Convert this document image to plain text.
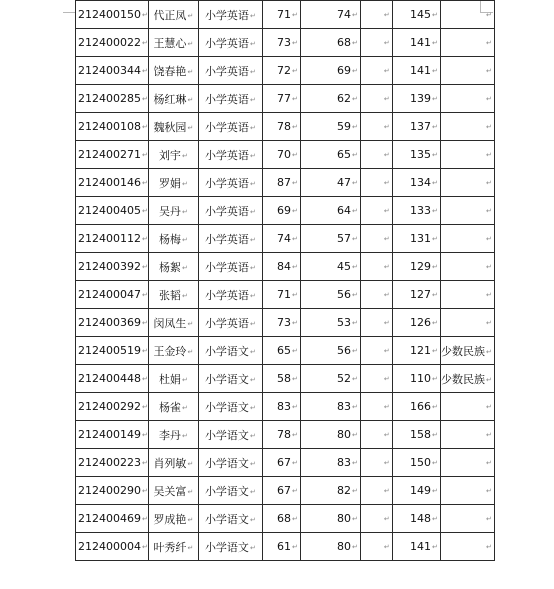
212400150↵	代正凤↵	小学英语↵	71↵	74↵	↵	145↵	↵
212400022↵	王慧心↵	小学英语↵	73↵	68↵	↵	141↵	↵
212400344↵	饶春艳↵	小学英语↵	72↵	69↵	↵	141↵	↵
212400285↵	杨红琳↵	小学英语↵	77↵	62↵	↵	139↵	↵
212400108↵	魏秋园↵	小学英语↵	78↵	59↵	↵	137↵	↵
212400271↵	刘宇↵	小学英语↵	70↵	65↵	↵	135↵	↵
212400146↵	罗娟↵	小学英语↵	87↵	47↵	↵	134↵	↵
212400405↵	吴丹↵	小学英语↵	69↵	64↵	↵	133↵	↵
212400112↵	杨梅↵	小学英语↵	74↵	57↵	↵	131↵	↵
212400392↵	杨絮↵	小学英语↵	84↵	45↵	↵	129↵	↵
212400047↵	张韬↵	小学英语↵	71↵	56↵	↵	127↵	↵
212400369↵	闵凤生↵	小学英语↵	73↵	53↵	↵	126↵	↵
212400519↵	王金玲↵	小学语文↵	65↵	56↵	↵	121↵	少数民族↵
212400448↵	杜娟↵	小学语文↵	58↵	52↵	↵	110↵	少数民族↵
212400292↵	杨雀↵	小学语文↵	83↵	83↵	↵	166↵	↵
212400149↵	李丹↵	小学语文↵	78↵	80↵	↵	158↵	↵
212400223↵	肖列敏↵	小学语文↵	67↵	83↵	↵	150↵	↵
212400290↵	吴关富↵	小学语文↵	67↵	82↵	↵	149↵	↵
212400469↵	罗成艳↵	小学语文↵	68↵	80↵	↵	148↵	↵
212400004↵	叶秀纤↵	小学语文↵	61↵	80↵	↵	141↵	↵
